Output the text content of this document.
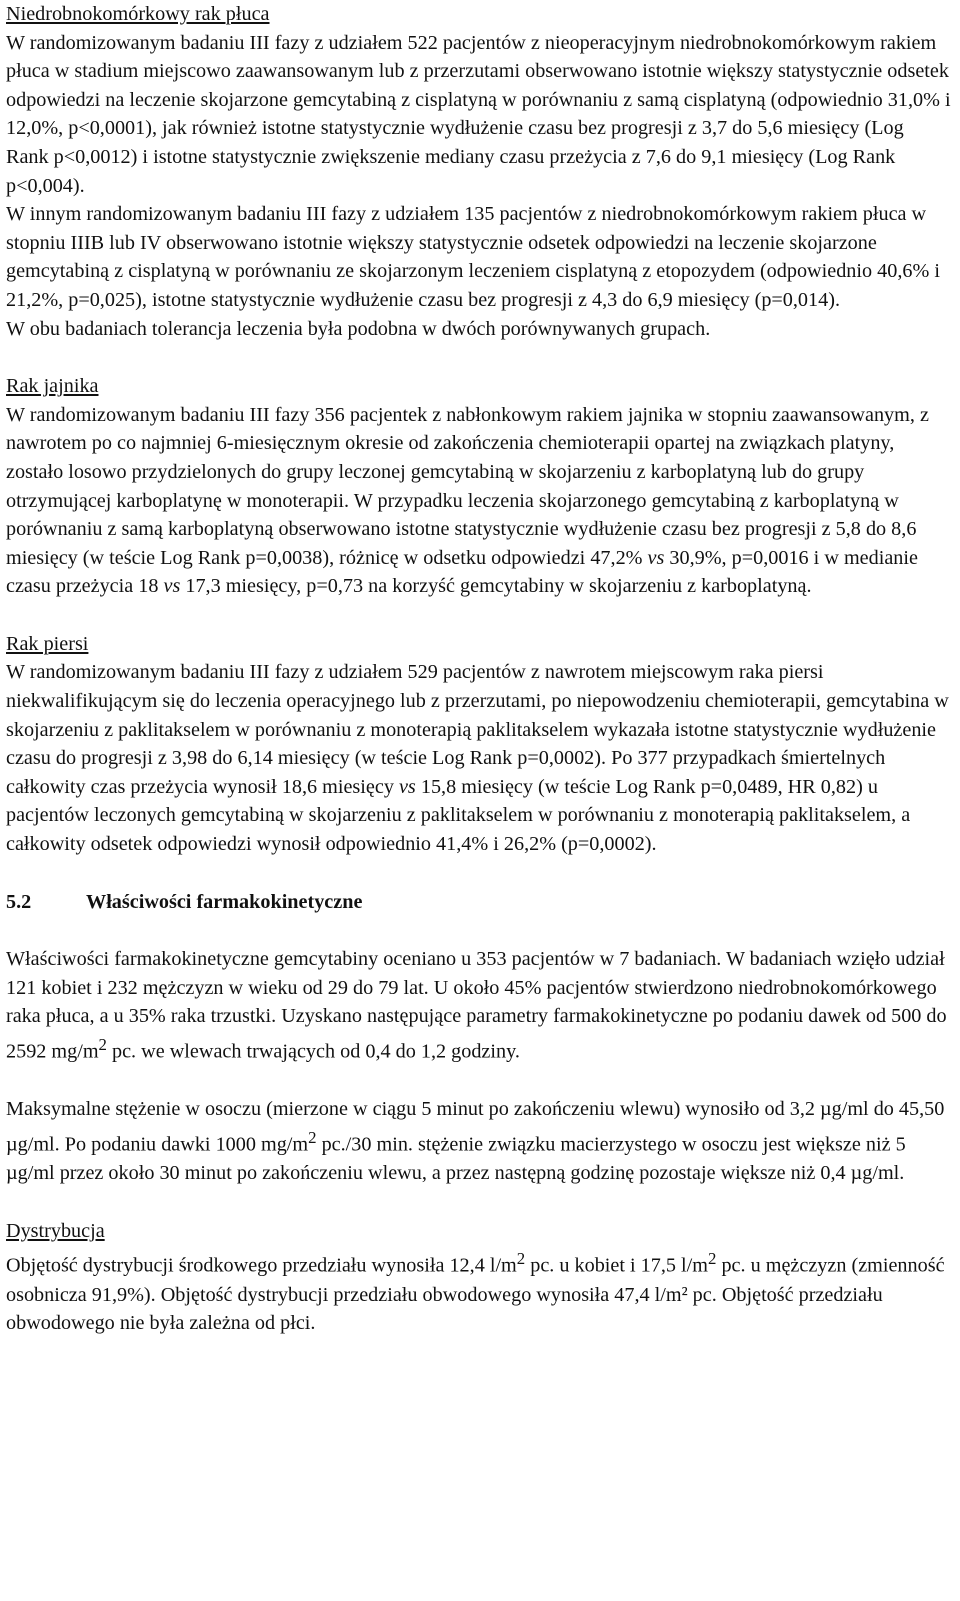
Niedrobnokomórkowy rak płuca

W randomizowanym badaniu III fazy z udziałem 522 pacjentów z nieoperacyjnym niedrobnokomórkowym rakiem płuca w stadium miejscowo zaawansowanym lub z przerzutami obserwowano istotnie większy statystycznie odsetek odpowiedzi na leczenie skojarzone gemcytabiną z cisplatyną w porównaniu z samą cisplatyną (odpowiednio 31,0% i 12,0%, p<0,0001), jak również istotne statystycznie wydłużenie czasu bez progresji z 3,7 do 5,6 miesięcy (Log Rank p<0,0012) i istotne statystycznie zwiększenie mediany czasu przeżycia z 7,6 do 9,1 miesięcy (Log Rank p<0,004).

W innym randomizowanym badaniu III fazy z udziałem 135 pacjentów z niedrobnokomórkowym rakiem płuca w stopniu IIIB lub IV obserwowano istotnie większy statystycznie odsetek odpowiedzi na leczenie skojarzone gemcytabiną z cisplatyną w porównaniu ze skojarzonym leczeniem cisplatyną z etopozydem (odpowiednio 40,6% i 21,2%, p=0,025), istotne statystycznie wydłużenie czasu bez progresji z 4,3 do 6,9 miesięcy (p=0,014).

W obu badaniach tolerancja leczenia była podobna w dwóch porównywanych grupach.

Rak jajnika

W randomizowanym badaniu III fazy 356 pacjentek z nabłonkowym rakiem jajnika w stopniu zaawansowanym, z nawrotem po co najmniej 6-miesięcznym okresie od zakończenia chemioterapii opartej na związkach platyny, zostało losowo przydzielonych do grupy leczonej gemcytabiną w skojarzeniu z karboplatyną lub do grupy otrzymującej karboplatynę w monoterapii. W przypadku leczenia skojarzonego gemcytabiną z karboplatyną w porównaniu z samą karboplatyną obserwowano istotne statystycznie wydłużenie czasu bez progresji z 5,8 do 8,6 miesięcy (w teście Log Rank p=0,0038), różnicę w odsetku odpowiedzi 47,2% vs 30,9%, p=0,0016 i w medianie czasu przeżycia 18 vs 17,3 miesięcy, p=0,73 na korzyść gemcytabiny w skojarzeniu z karboplatyną.

Rak piersi

W randomizowanym badaniu III fazy z udziałem 529 pacjentów z nawrotem miejscowym raka piersi niekwalifikującym się do leczenia operacyjnego lub z przerzutami, po niepowodzeniu chemioterapii, gemcytabina w skojarzeniu z paklitakselem w porównaniu z monoterapią paklitakselem wykazała istotne statystycznie wydłużenie czasu do progresji z 3,98 do 6,14 miesięcy (w teście Log Rank p=0,0002). Po 377 przypadkach śmiertelnych całkowity czas przeżycia wynosił 18,6 miesięcy vs 15,8 miesięcy (w teście Log Rank p=0,0489, HR 0,82) u pacjentów leczonych gemcytabiną w skojarzeniu z paklitakselem w porównaniu z monoterapią paklitakselem, a całkowity odsetek odpowiedzi wynosił odpowiednio 41,4% i 26,2% (p=0,0002).

5.2	Właściwości farmakokinetyczne

Właściwości farmakokinetyczne gemcytabiny oceniano u 353 pacjentów w 7 badaniach. W badaniach wzięło udział 121 kobiet i 232 mężczyzn w wieku od 29 do 79 lat. U około 45% pacjentów stwierdzono niedrobnokomórkowego raka płuca, a u 35% raka trzustki. Uzyskano następujące parametry farmakokinetyczne po podaniu dawek od 500 do 2592 $mg/m^2$ pc. we wlewach trwających od 0,4 do 1,2 godziny.

Maksymalne stężenie w osoczu (mierzone w ciągu 5 minut po zakończeniu wlewu) wynosiło od 3,2 µg/ml do 45,50 µg/ml. Po podaniu dawki 1000 $mg/m^2$ pc./30 min. stężenie związku macierzystego w osoczu jest większe niż 5 µg/ml przez około 30 minut po zakończeniu wlewu, a przez następną godzinę pozostaje większe niż 0,4 µg/ml.

Dystrybucja

Objętość dystrybucji środkowego przedziału wynosiła 12,4 $l/m^2$ pc. u kobiet i 17,5 $l/m^2$ pc. u mężczyzn (zmienność osobnicza 91,9%). Objętość dystrybucji przedziału obwodowego wynosiła 47,4 l/m² pc. Objętość przedziału obwodowego nie była zależna od płci.
